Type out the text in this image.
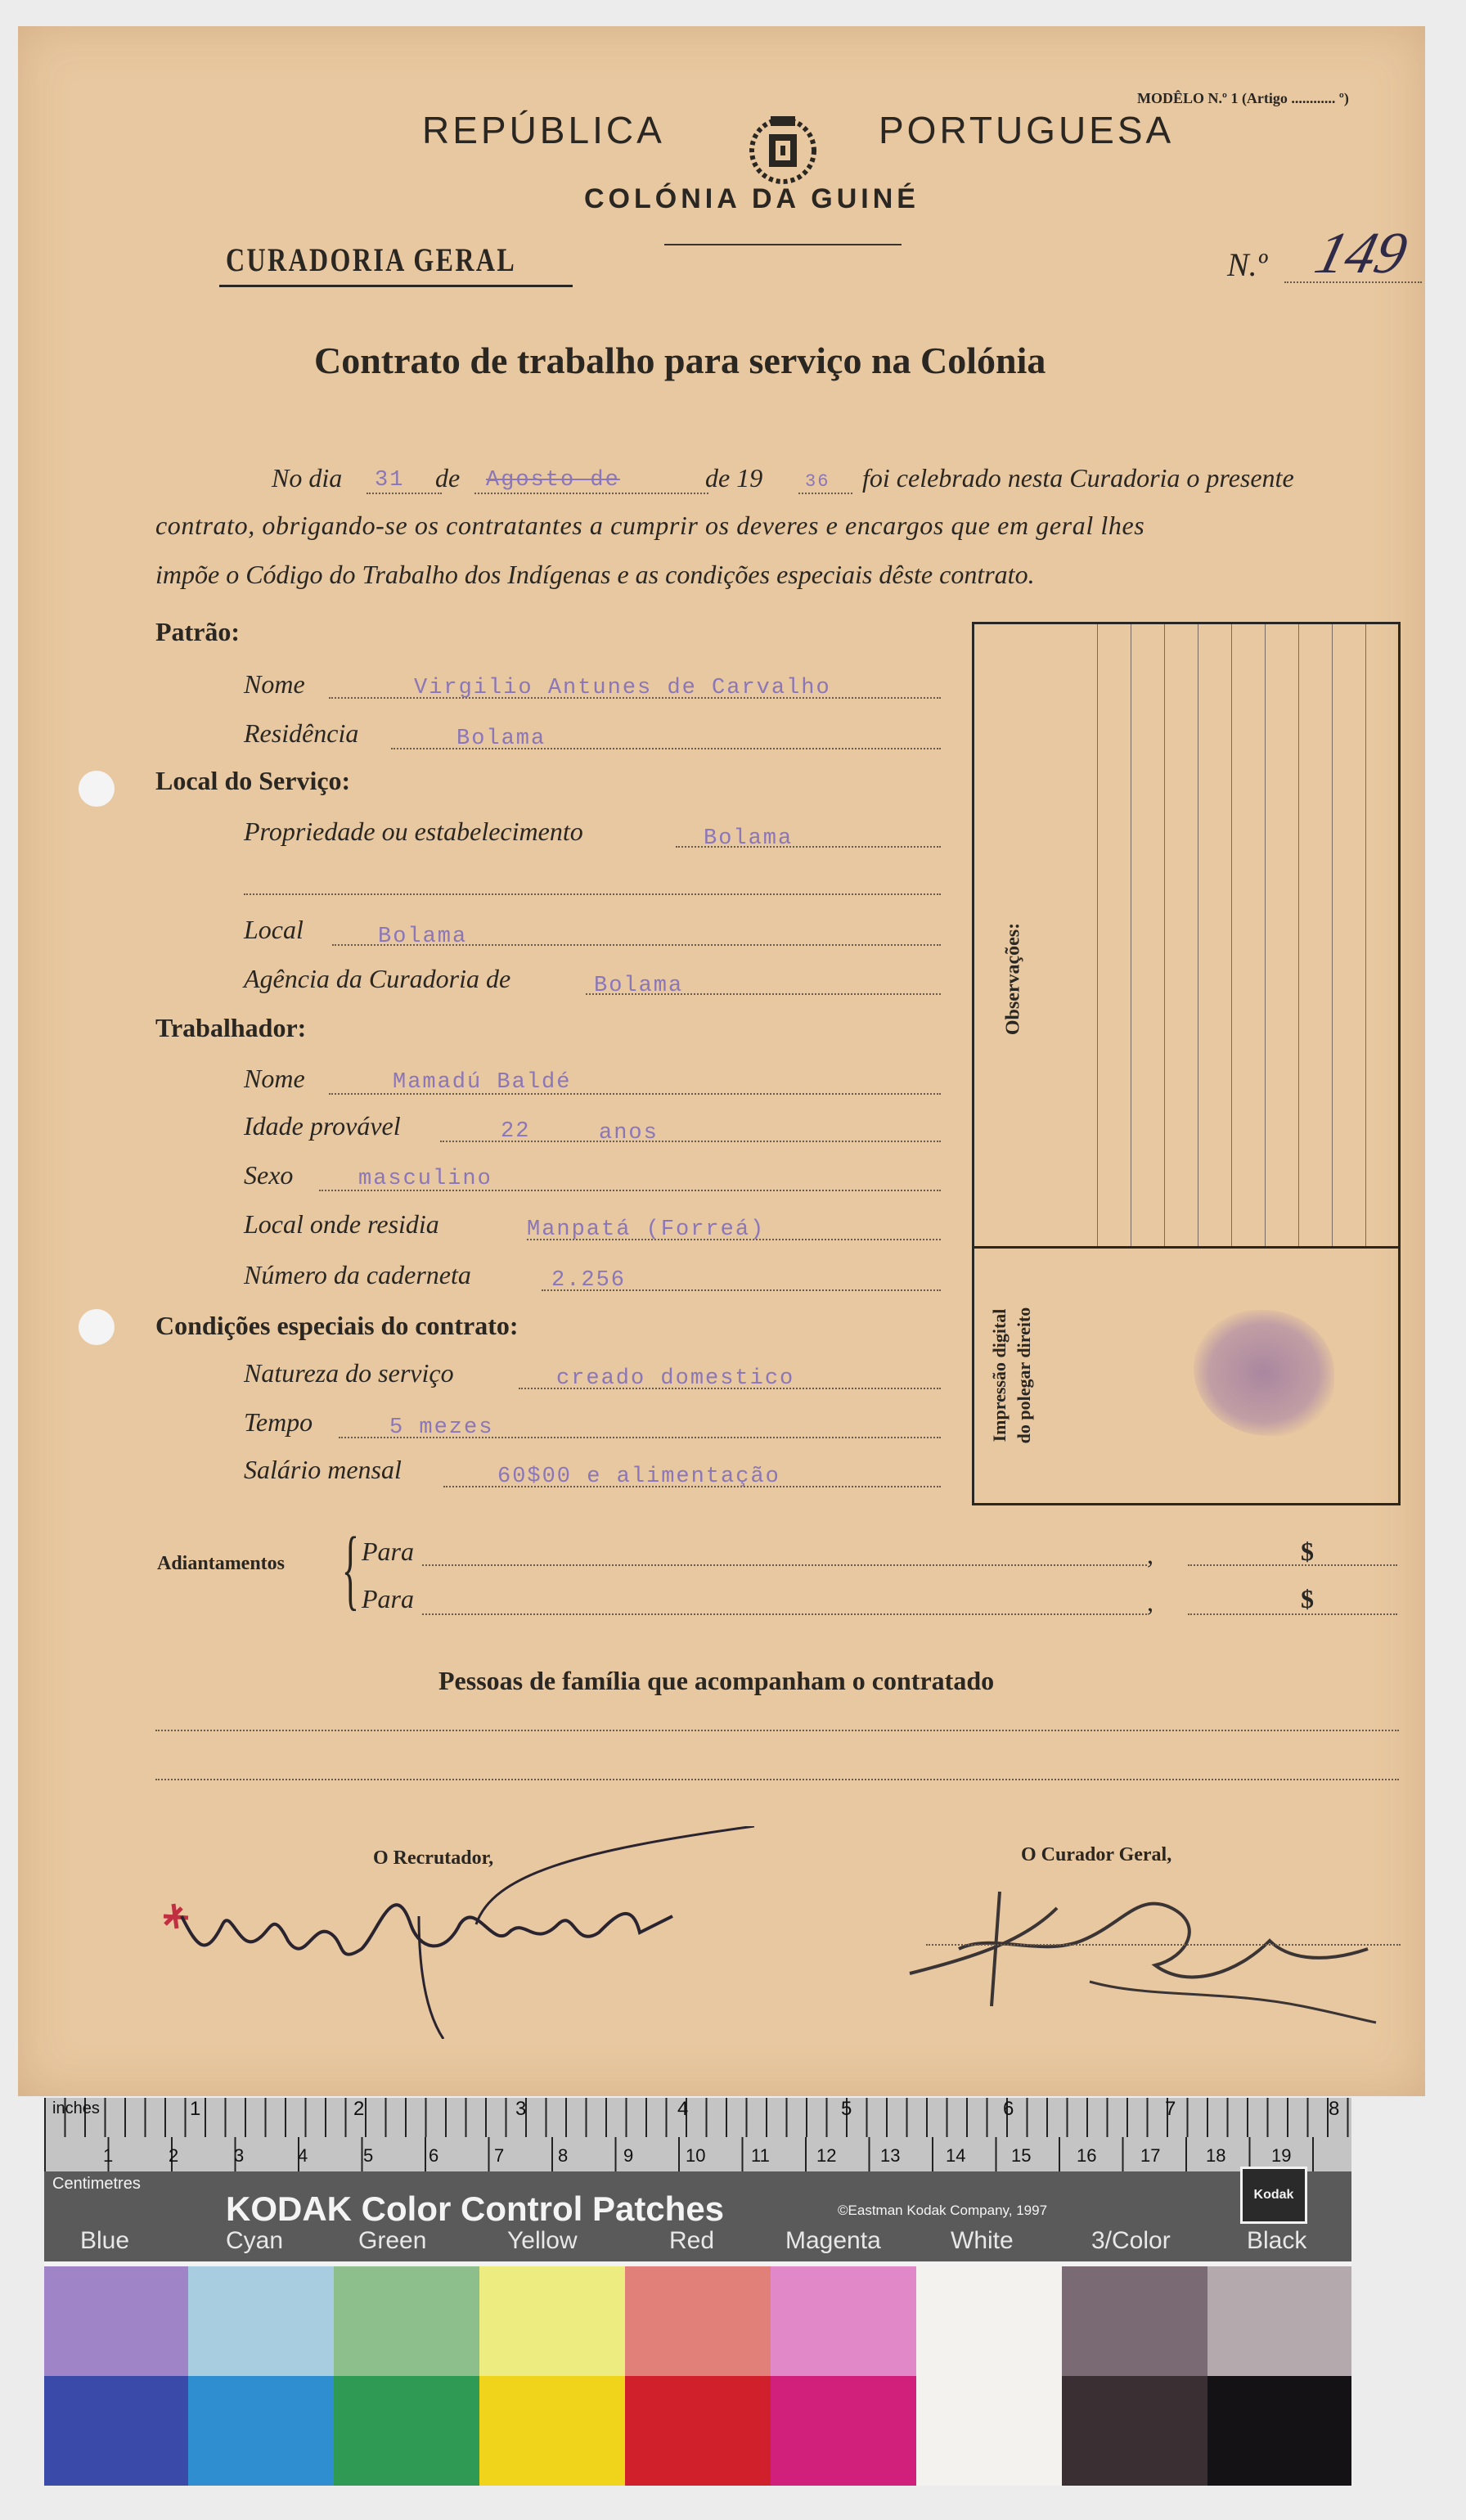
REPÚBLICA	PORTUGUESA
MODÊLO N.º 1 (Artigo ............ º)
COLÓNIA DA GUINÉ
CURADORIA GERAL	N.º 149
Contrato de trabalho para serviço na Colónia
No dia 31 de Agosto de	de 19 36 foi celebrado nesta Curadoria o presente
contrato, obrigando-se os contratantes a cumprir os deveres e encargos que em geral lhes
impõe o Código do Trabalho dos Indígenas e as condições especiais dêste contrato.
Patrão:
Nome	Virgilio Antunes de Carvalho
Residência	Bolama
Local do Serviço:
Propriedade ou estabelecimento	Bolama
Local	Bolama
Agência da Curadoria de	Bolama
Trabalhador:
Nome	Mamadú Baldé
Idade provável	22	anos
Sexo	masculino
Local onde residia	Manpatá (Forreá)
Número da caderneta	2.256
Condições especiais do contrato:
Natureza do serviço	creado domestico
Tempo	5 mezes
Salário mensal	60$00 e alimentação
Observações:
Impressão digital do polegar direito
Adiantamentos { Para	,	$
Para	,	$
Pessoas de família que acompanham o contratado
O Recrutador,	O Curador Geral,
inches
Centimetres
1	2	3	4	5	6	7	8
1	2	3	4	5	6	7	8	9	10	11	12 13	14	15	16 17	18	19
KODAK Color Control Patches	©Eastman Kodak Company, 1997
Kodak
Blue	Cyan	Green	Yellow	Red	Magenta	White	3/Color	Black
